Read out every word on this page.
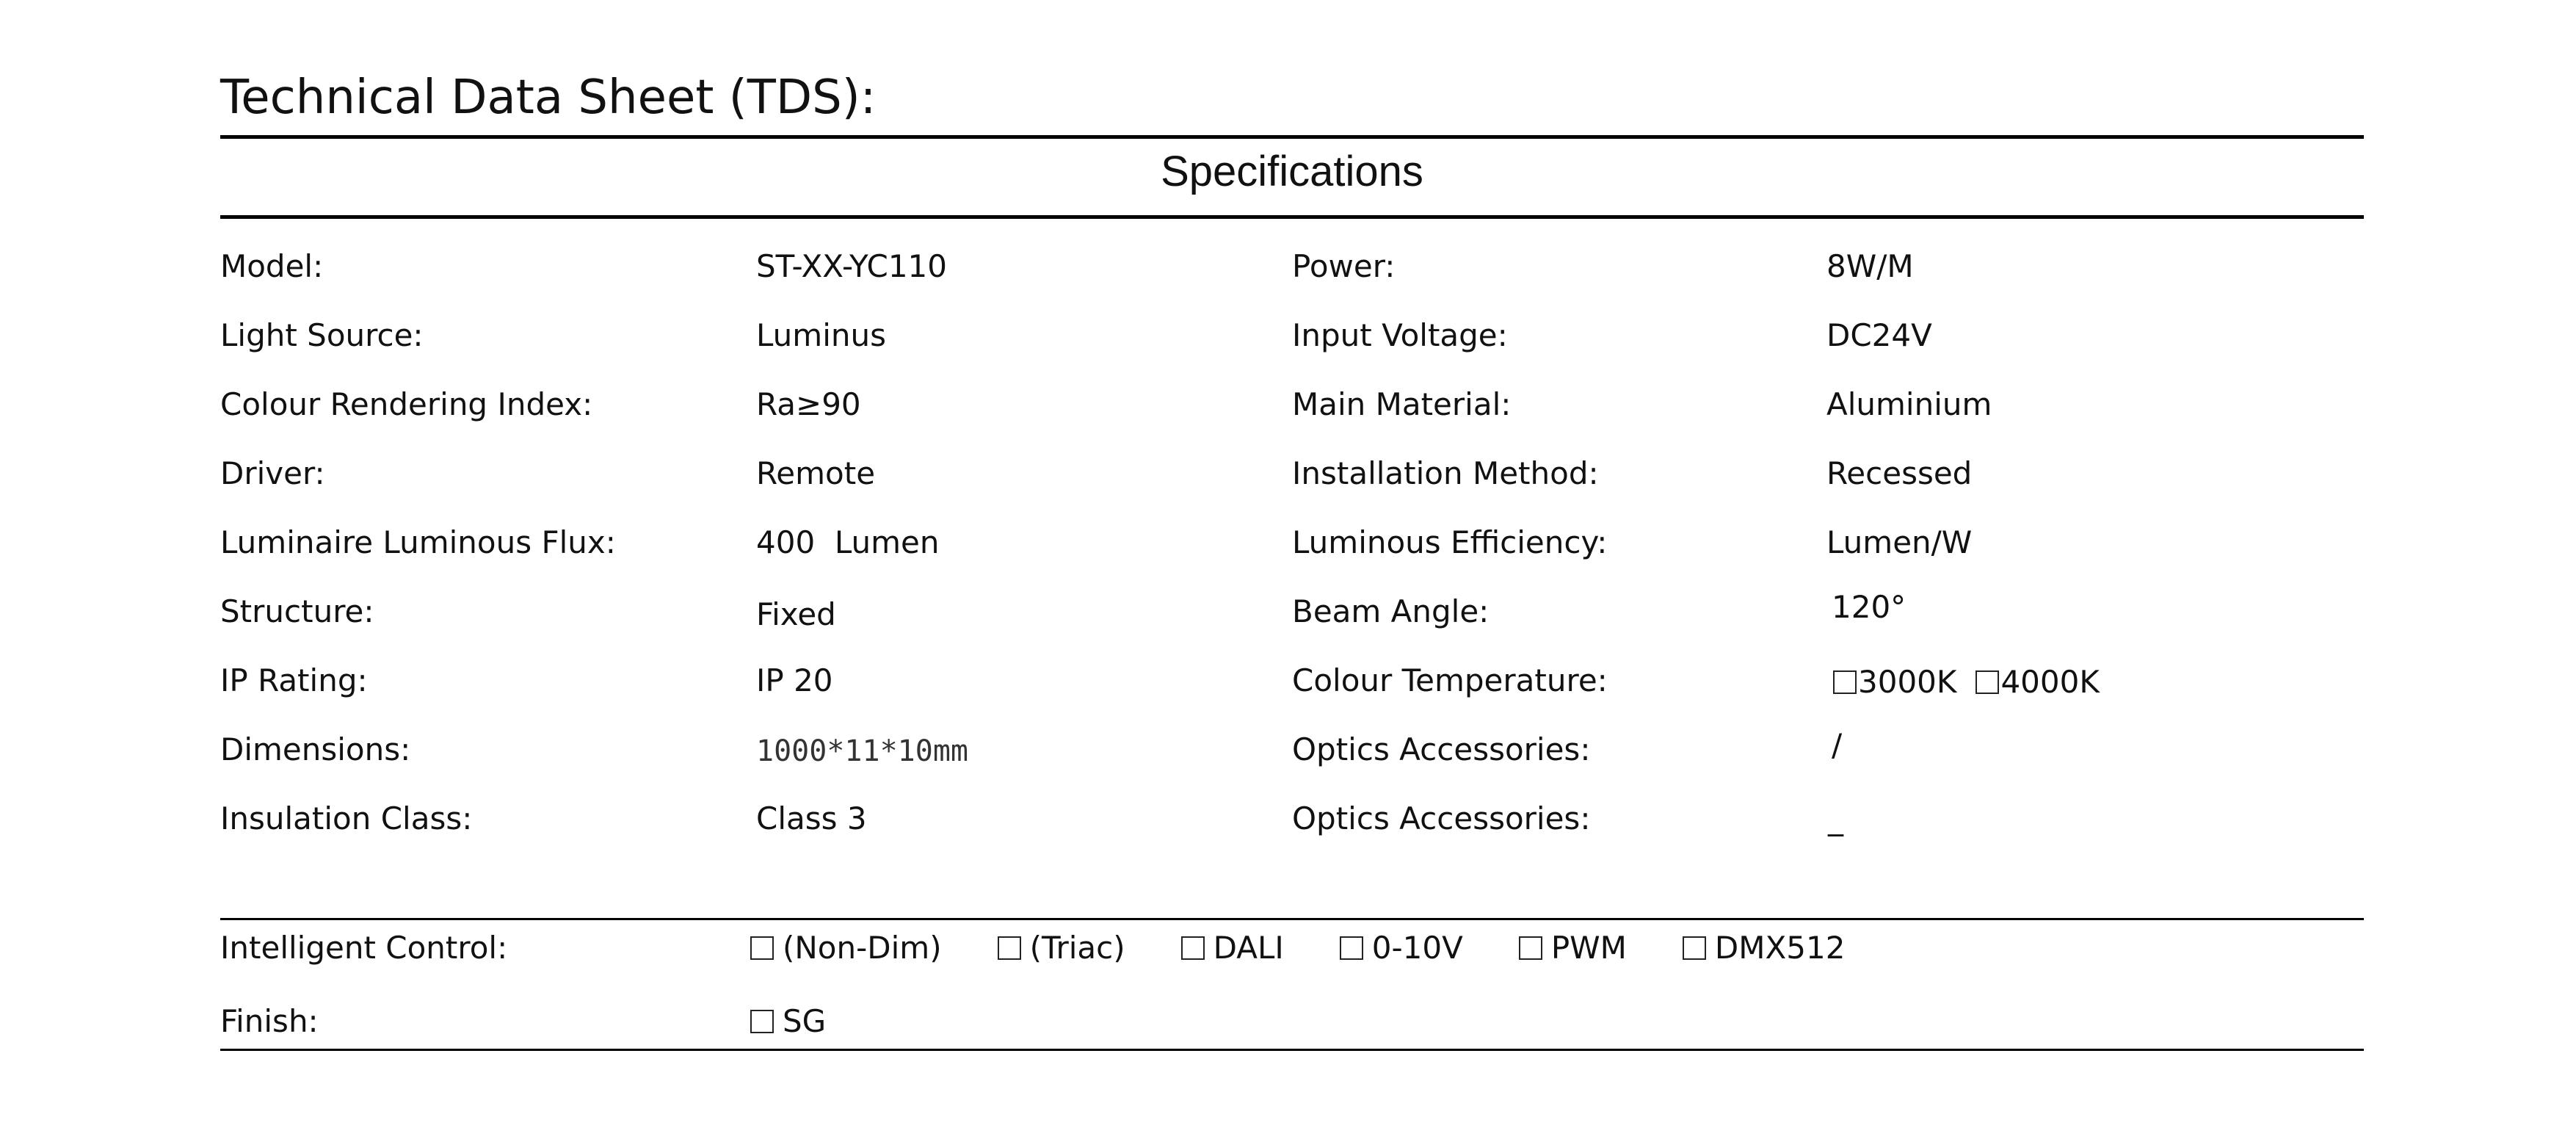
Technical Data Sheet (TDS):
Specifications
Model:	ST-XX-YC110	Power:	8W/M
Light Source:	Luminus	Input Voltage:	DC24V
Colour Rendering Index:	Ra≥90	Main Material:	Aluminium
Driver:	Remote	Installation Method:	Recessed
Luminaire Luminous Flux:	400  Lumen	Luminous Efficiency:	Lumen/W
Structure:	Fixed	Beam Angle:	120°
IP Rating:	IP 20	Colour Temperature:	3000K 4000K
Dimensions:	1000*11*10mm	Optics Accessories:	/
Insulation Class:	Class 3	Optics Accessories:	_
Intelligent Control:	(Non-Dim)	(Triac)	DALI	0-10V	PWM	DMX512
Finish:	SG
